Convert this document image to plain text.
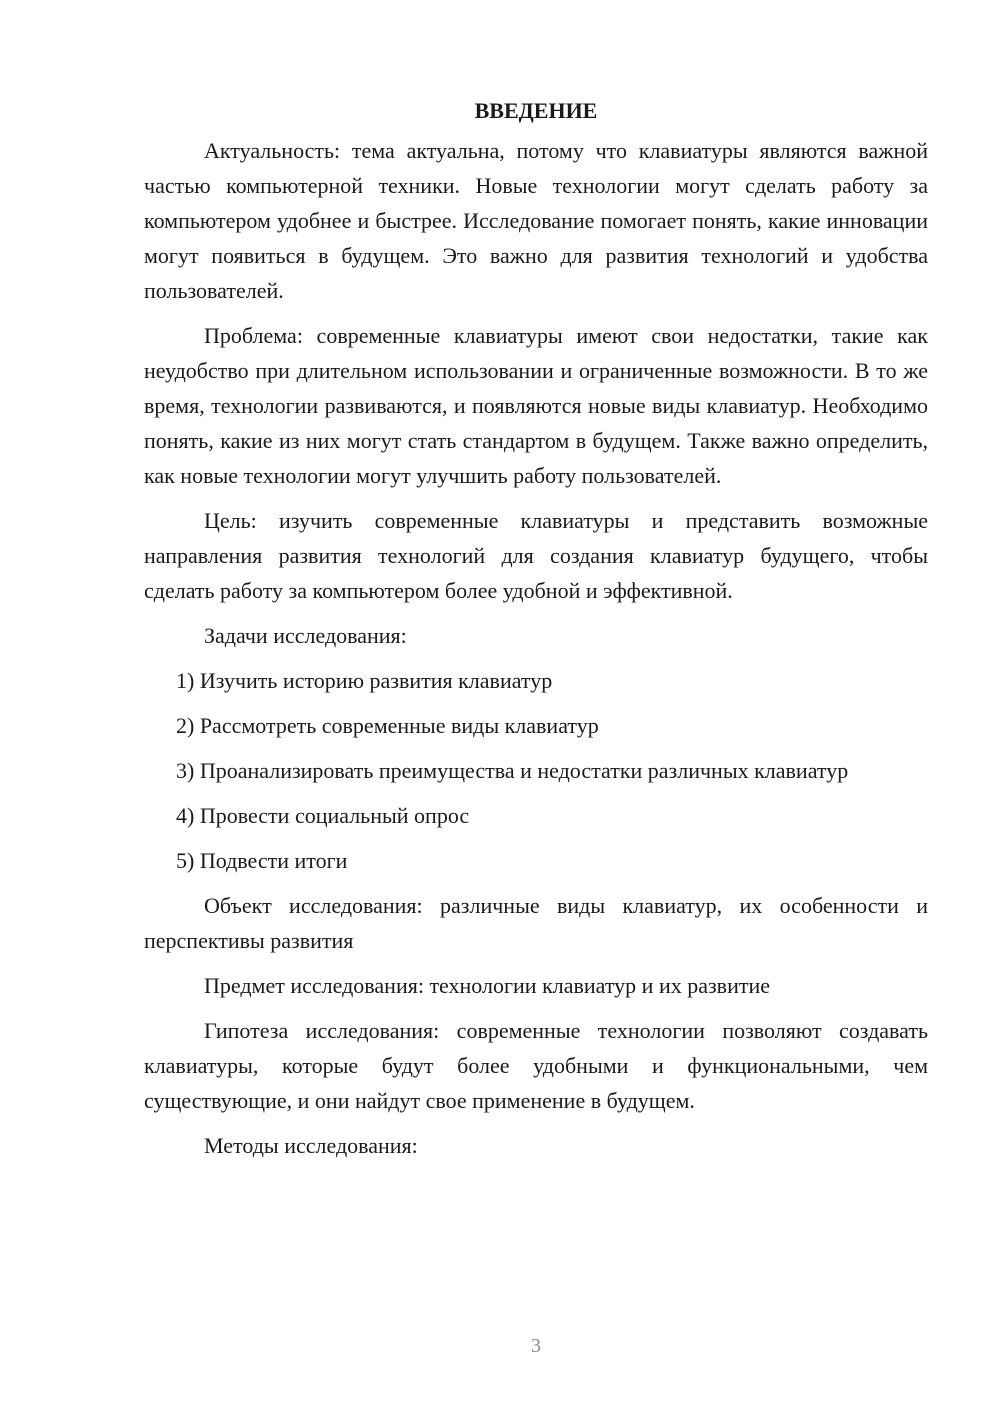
ВВЕДЕНИЕ

Актуальность: тема актуальна, потому что клавиатуры являются важной частью компьютерной техники. Новые технологии могут сделать работу за компьютером удобнее и быстрее. Исследование помогает понять, какие инновации могут появиться в будущем. Это важно для развития технологий и удобства пользователей.

Проблема: современные клавиатуры имеют свои недостатки, такие как неудобство при длительном использовании и ограниченные возможности. В то же время, технологии развиваются, и появляются новые виды клавиатур. Необходимо понять, какие из них могут стать стандартом в будущем. Также важно определить, как новые технологии могут улучшить работу пользователей.

Цель: изучить современные клавиатуры и представить возможные направления развития технологий для создания клавиатур будущего, чтобы сделать работу за компьютером более удобной и эффективной.

Задачи исследования:

1) Изучить историю развития клавиатур

2) Рассмотреть современные виды клавиатур

3) Проанализировать преимущества и недостатки различных клавиатур

4) Провести социальный опрос

5) Подвести итоги

Объект исследования: различные виды клавиатур, их особенности и перспективы развития

Предмет исследования: технологии клавиатур и их развитие

Гипотеза исследования: современные технологии позволяют создавать клавиатуры, которые будут более удобными и функциональными, чем существующие, и они найдут свое применение в будущем.

Методы исследования:

3
